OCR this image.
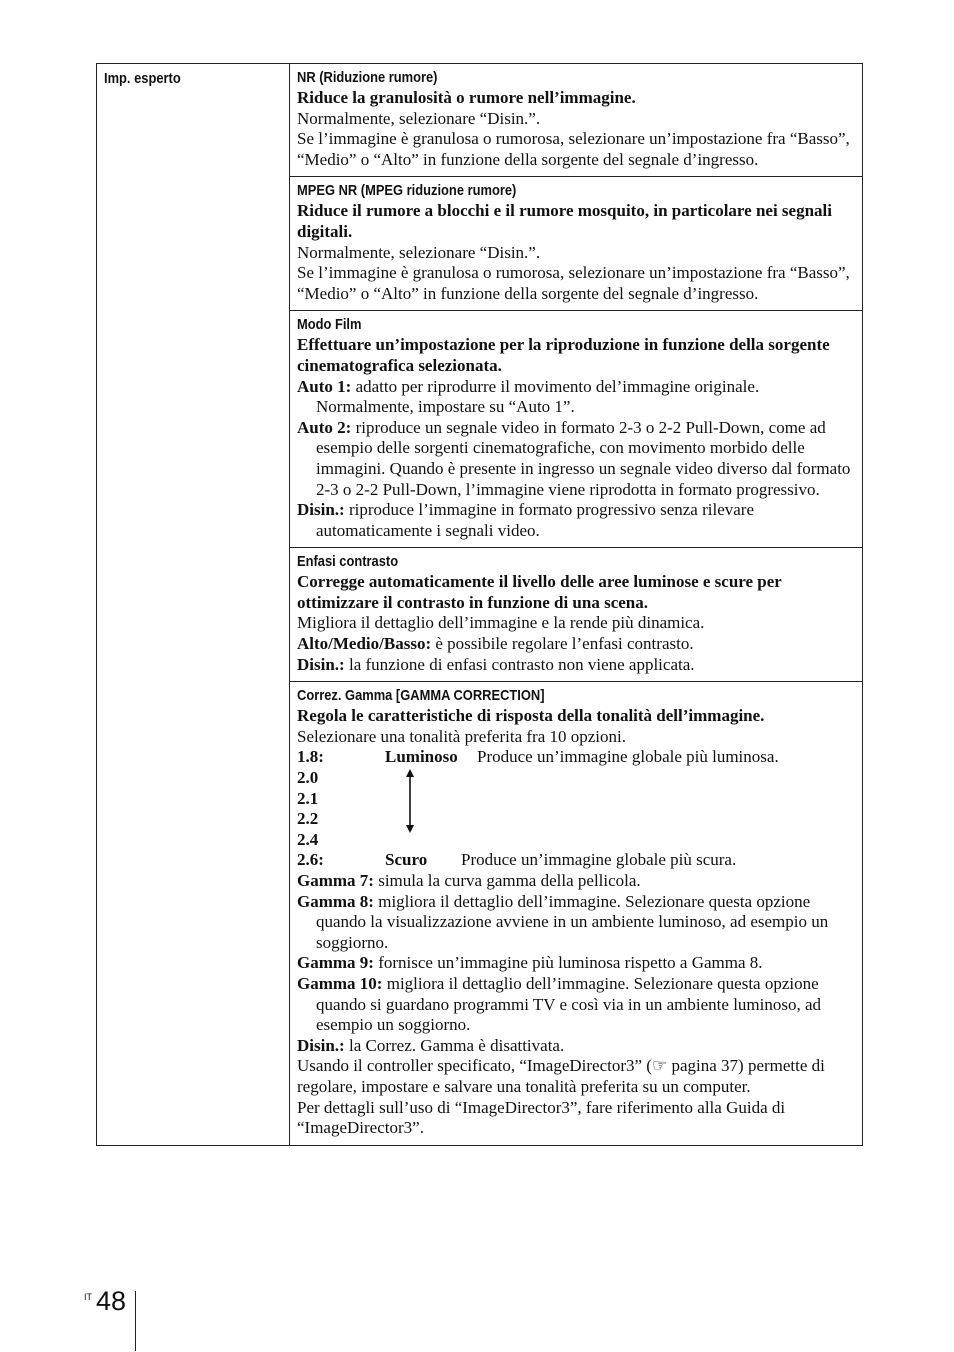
Imp. esperto	NR (Riduzione rumore)

Riduce la granulosità o rumore nell’immagine.

Normalmente, selezionare “Disin.”.

Se l’immagine è granulosa o rumorosa, selezionare un’impostazione fra “Basso”, “Medio” o “Alto” in funzione della sorgente del segnale d’ingresso.

MPEG NR (MPEG riduzione rumore)

Riduce il rumore a blocchi e il rumore mosquito, in particolare nei segnali digitali.

Normalmente, selezionare “Disin.”.

Se l’immagine è granulosa o rumorosa, selezionare un’impostazione fra “Basso”, “Medio” o “Alto” in funzione della sorgente del segnale d’ingresso.

Modo Film

Effettuare un’impostazione per la riproduzione in funzione della sorgente cinematografica selezionata.

Auto 1: adatto per riprodurre il movimento del’immagine originale. Normalmente, impostare su “Auto 1”.

Auto 2: riproduce un segnale video in formato 2-3 o 2-2 Pull-Down, come ad esempio delle sorgenti cinematografiche, con movimento morbido delle immagini. Quando è presente in ingresso un segnale video diverso dal formato 2-3 o 2-2 Pull-Down, l’immagine viene riprodotta in formato progressivo.

Disin.: riproduce l’immagine in formato progressivo senza rilevare automaticamente i segnali video.

Enfasi contrasto

Corregge automaticamente il livello delle aree luminose e scure per ottimizzare il contrasto in funzione di una scena.

Migliora il dettaglio dell’immagine e la rende più dinamica.

Alto/Medio/Basso: è possibile regolare l’enfasi contrasto.

Disin.: la funzione di enfasi contrasto non viene applicata.

Correz. Gamma [GAMMA CORRECTION]

Regola le caratteristiche di risposta della tonalità dell’immagine.

Selezionare una tonalità preferita fra 10 opzioni.

1.8:	Luminoso	Produce un’immagine globale più luminosa.
2.0
2.1
2.2
2.4
2.6:	Scuro	Produce un’immagine globale più scura.

Gamma 7: simula la curva gamma della pellicola.

Gamma 8: migliora il dettaglio dell’immagine. Selezionare questa opzione quando la visualizzazione avviene in un ambiente luminoso, ad esempio un soggiorno.

Gamma 9: fornisce un’immagine più luminosa rispetto a Gamma 8.

Gamma 10: migliora il dettaglio dell’immagine. Selezionare questa opzione quando si guardano programmi TV e così via in un ambiente luminoso, ad esempio un soggiorno.

Disin.: la Correz. Gamma è disattivata.

Usando il controller specificato, “ImageDirector3” (☞ pagina 37) permette di regolare, impostare e salvare una tonalità preferita su un computer.

Per dettagli sull’uso di “ImageDirector3”, fare riferimento alla Guida di “ImageDirector3”.

IT 48
